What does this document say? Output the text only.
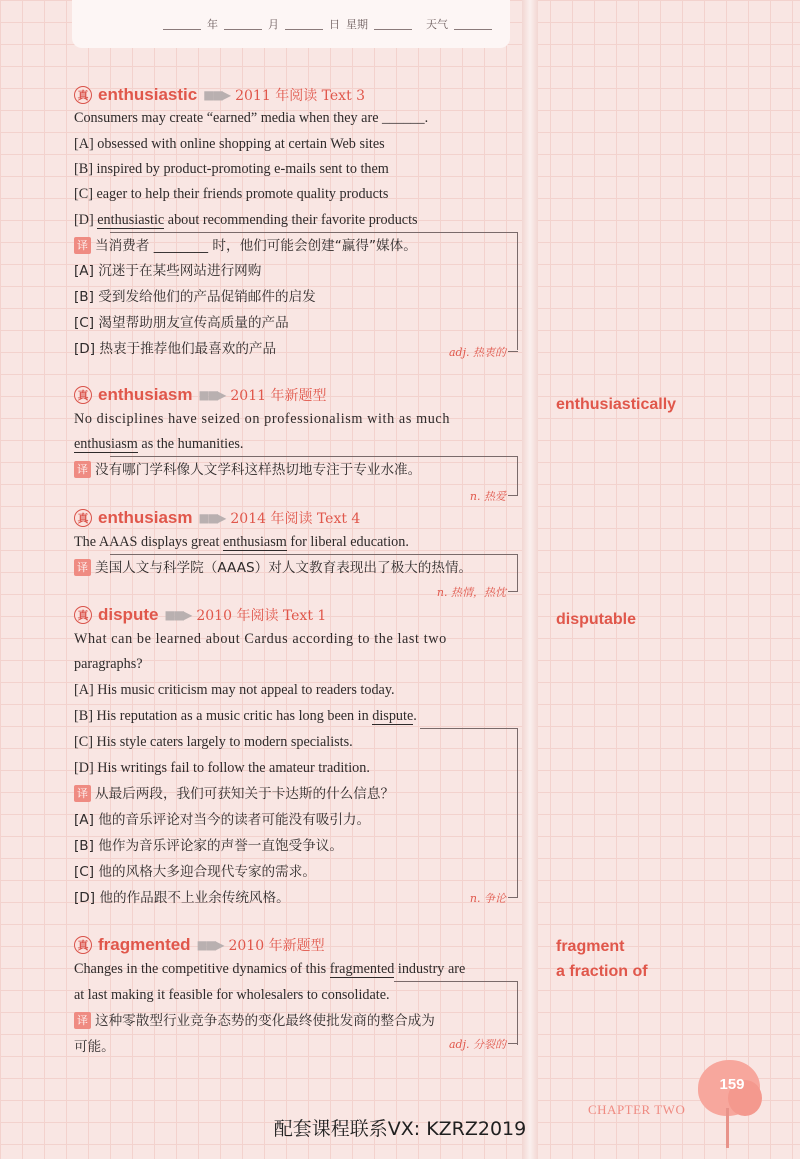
年	月	日 星期	天气
真 enthusiastic ■■▶ 2011 年阅读 Text 3
Consumers may create “earned” media when they are ______.
[A] obsessed with online shopping at certain Web sites
[B] inspired by product-promoting e-mails sent to them
[C] eager to help their friends promote quality products
[D] enthusiastic about recommending their favorite products
译 当消费者 ________ 时，他们可能会创建“赢得”媒体。
[A] 沉迷于在某些网站进行网购
[B] 受到发给他们的产品促销邮件的启发
[C] 渴望帮助朋友宣传高质量的产品
[D] 热衷于推荐他们最喜欢的产品	adj. 热衷的
真 enthusiasm ■■▶ 2011 年新题型
No disciplines have seized on professionalism with as much
enthusiasm as the humanities.
译 没有哪门学科像人文学科这样热切地专注于专业水准。
n. 热爱
真 enthusiasm ■■▶ 2014 年阅读 Text 4
The AAAS displays great enthusiasm for liberal education.
译 美国人文与科学院（AAAS）对人文教育表现出了极大的热情。
n. 热情，热忱
真 dispute ■■▶ 2010 年阅读 Text 1
What can be learned about Cardus according to the last two
paragraphs?
[A] His music criticism may not appeal to readers today.
[B] His reputation as a music critic has long been in dispute.
[C] His style caters largely to modern specialists.
[D] His writings fail to follow the amateur tradition.
译 从最后两段，我们可获知关于卡达斯的什么信息？
[A] 他的音乐评论对当今的读者可能没有吸引力。
[B] 他作为音乐评论家的声誉一直饱受争议。
[C] 他的风格大多迎合现代专家的需求。
[D] 他的作品跟不上业余传统风格。	n. 争论
真 fragmented ■■▶ 2010 年新题型
Changes in the competitive dynamics of this fragmented industry are
at last making it feasible for wholesalers to consolidate.
译 这种零散型行业竞争态势的变化最终使批发商的整合成为
可能。	adj. 分裂的
enthusiastically
disputable
fragment
a fraction of
159
CHAPTER TWO
配套课程联系VX: KZRZ2019
